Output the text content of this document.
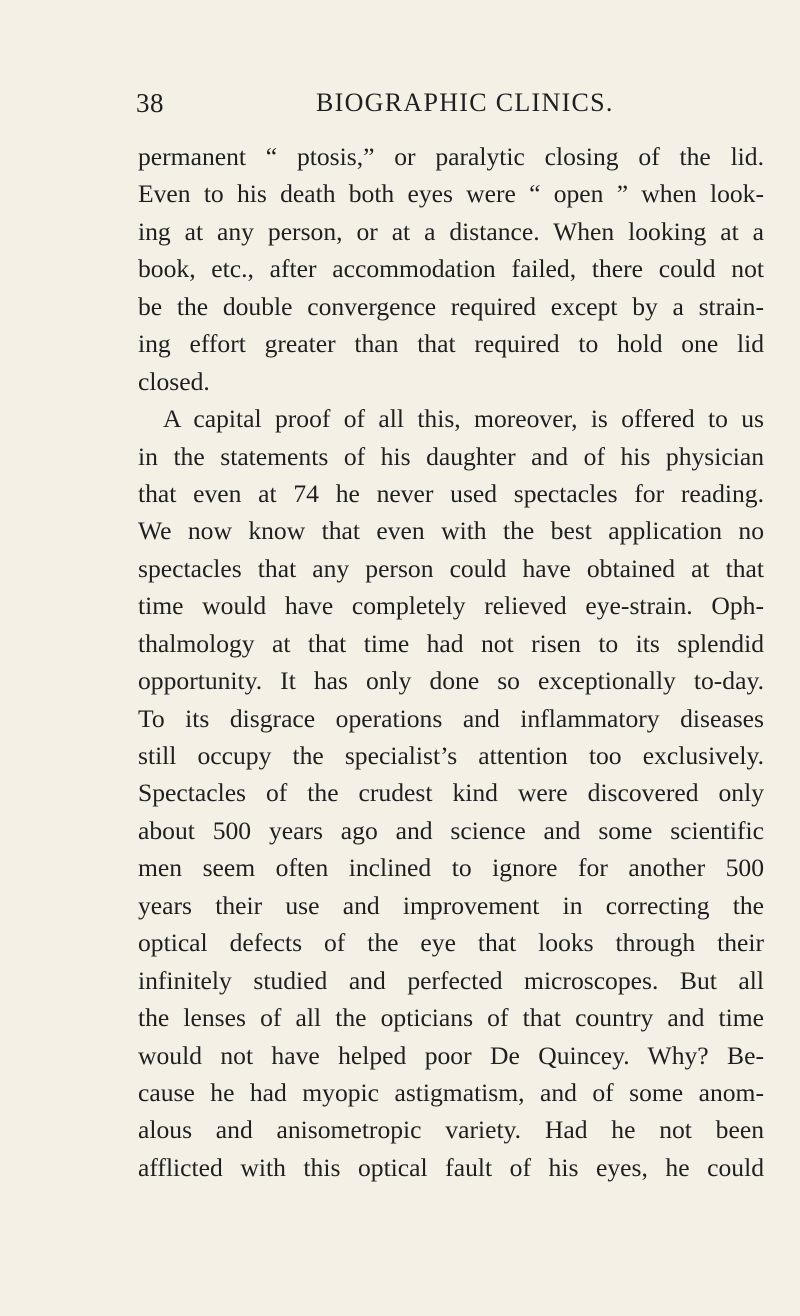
38	BIOGRAPHIC CLINICS.
permanent “ ptosis,” or paralytic closing of the lid.
Even to his death both eyes were “ open ” when look-
ing at any person, or at a distance. When looking at a
book, etc., after accommodation failed, there could not
be the double convergence required except by a strain-
ing effort greater than that required to hold one lid
closed.
A capital proof of all this, moreover, is offered to us
in the statements of his daughter and of his physician
that even at 74 he never used spectacles for reading.
We now know that even with the best application no
spectacles that any person could have obtained at that
time would have completely relieved eye-strain. Oph-
thalmology at that time had not risen to its splendid
opportunity. It has only done so exceptionally to-day.
To its disgrace operations and inflammatory diseases
still occupy the specialist’s attention too exclusively.
Spectacles of the crudest kind were discovered only
about 500 years ago and science and some scientific
men seem often inclined to ignore for another 500
years their use and improvement in correcting the
optical defects of the eye that looks through their
infinitely studied and perfected microscopes. But all
the lenses of all the opticians of that country and time
would not have helped poor De Quincey. Why? Be-
cause he had myopic astigmatism, and of some anom-
alous and anisometropic variety. Had he not been
afflicted with this optical fault of his eyes, he could
